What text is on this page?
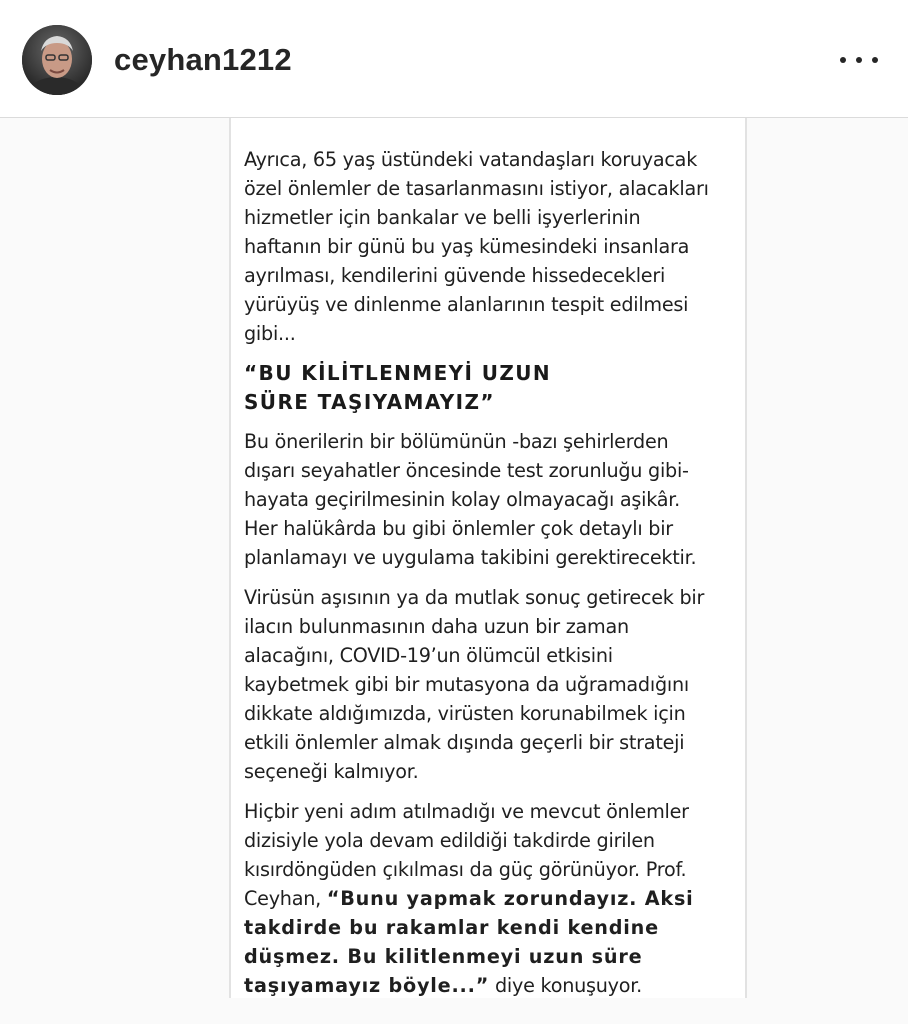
ceyhan1212

Ayrıca, 65 yaş üstündeki vatandaşları koruyacak
özel önlemler de tasarlanmasını istiyor, alacakları
hizmetler için bankalar ve belli işyerlerinin
haftanın bir günü bu yaş kümesindeki insanlara
ayrılması, kendilerini güvende hissedecekleri
yürüyüş ve dinlenme alanlarının tespit edilmesi
gibi...

“BU KİLİTLENMEYİ UZUN
SÜRE TAŞIYAMAYIZ”

Bu önerilerin bir bölümünün -bazı şehirlerden
dışarı seyahatler öncesinde test zorunluğu gibi-
hayata geçirilmesinin kolay olmayacağı aşikâr.
Her halükârda bu gibi önlemler çok detaylı bir
planlamayı ve uygulama takibini gerektirecektir.

Virüsün aşısının ya da mutlak sonuç getirecek bir
ilacın bulunmasının daha uzun bir zaman
alacağını, COVID-19’un ölümcül etkisini
kaybetmek gibi bir mutasyona da uğramadığını
dikkate aldığımızda, virüsten korunabilmek için
etkili önlemler almak dışında geçerli bir strateji
seçeneği kalmıyor.

Hiçbir yeni adım atılmadığı ve mevcut önlemler
dizisiyle yola devam edildiği takdirde girilen
kısırdöngüden çıkılması da güç görünüyor. Prof.
Ceyhan, “Bunu yapmak zorundayız. Aksi
takdirde bu rakamlar kendi kendine
düşmez. Bu kilitlenmeyi uzun süre
taşıyamayız böyle...” diye konuşuyor.
